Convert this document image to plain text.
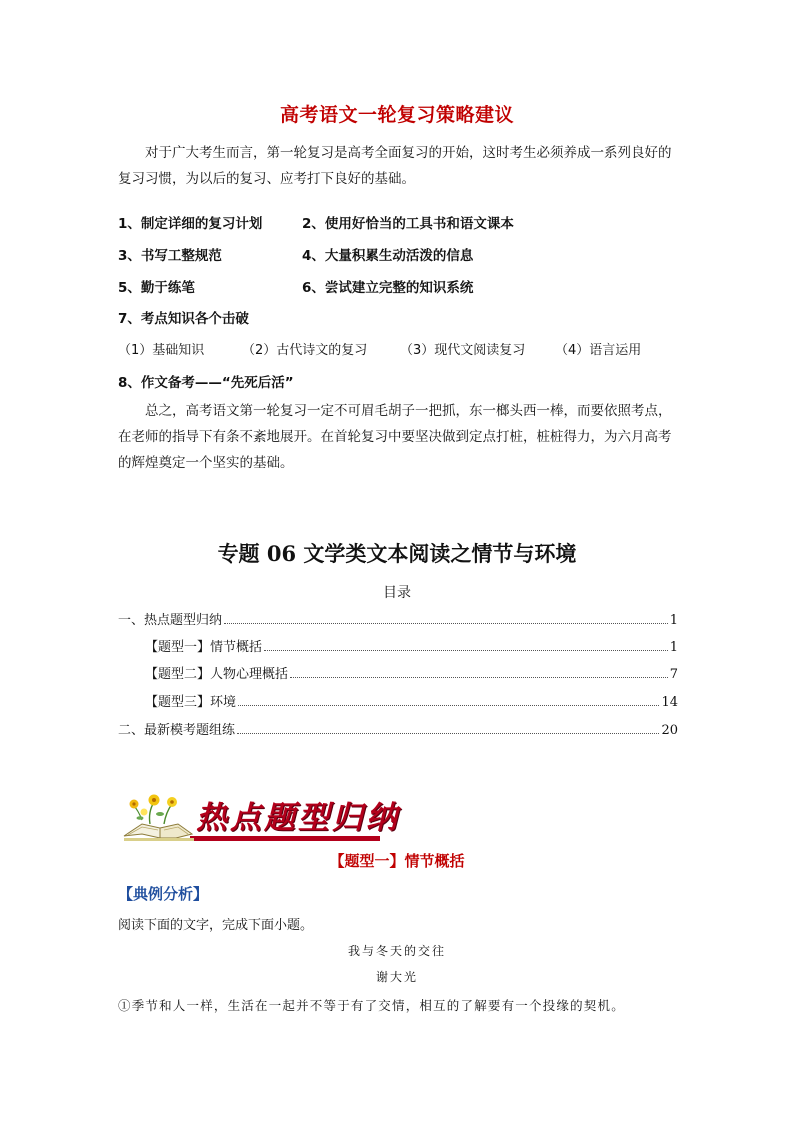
高考语文一轮复习策略建议

对于广大考生而言，第一轮复习是高考全面复习的开始，这时考生必须养成一系列良好的复习习惯，为以后的复习、应考打下良好的基础。

1、制定详细的复习计划	2、使用好恰当的工具书和语文课本
3、书写工整规范	4、大量积累生动活泼的信息
5、勤于练笔	6、尝试建立完整的知识系统
7、考点知识各个击破
（1）基础知识	（2）古代诗文的复习	（3）现代文阅读复习 （4）语言运用
8、作文备考——“先死后活”

总之，高考语文第一轮复习一定不可眉毛胡子一把抓，东一榔头西一棒，而要依照考点，在老师的指导下有条不紊地展开。在首轮复习中要坚决做到定点打桩，桩桩得力，为六月高考的辉煌奠定一个坚实的基础。

专题 06 文学类文本阅读之情节与环境
目录
一、热点题型归纳	1
【题型一】情节概括	1
【题型二】人物心理概括	7
【题型三】环境	14
二、最新模考题组练	20
热点题型归纳
【题型一】情节概括
【典例分析】
阅读下面的文字，完成下面小题。
我与冬天的交往
谢大光
①季节和人一样，生活在一起并不等于有了交情，相互的了解要有一个投缘的契机。
